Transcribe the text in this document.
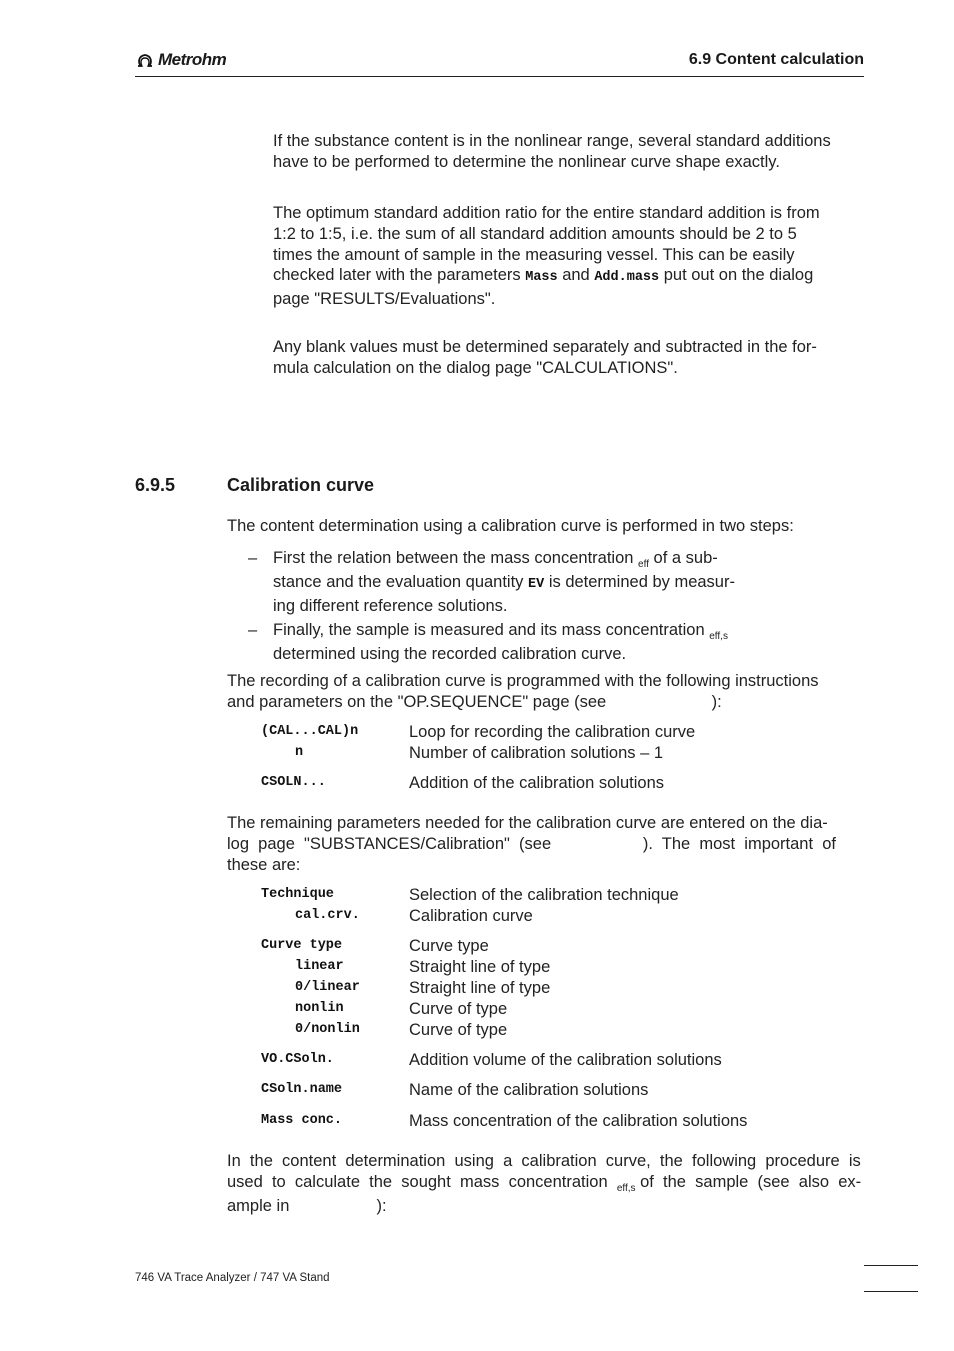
Metrohm	6.9 Content calculation
If the substance content is in the nonlinear range, several standard additions
have to be performed to determine the nonlinear curve shape exactly.
The optimum standard addition ratio for the entire standard addition is from
1:2 to 1:5, i.e. the sum of all standard addition amounts should be 2 to 5
times the amount of sample in the measuring vessel. This can be easily
checked later with the parameters Mass and Add.mass put out on the dialog
page "RESULTS/Evaluations".
Any blank values must be determined separately and subtracted in the for-
mula calculation on the dialog page "CALCULATIONS".
6.9.5	Calibration curve
The content determination using a calibration curve is performed in two steps:
– First the relation between the mass concentration $_{eff}$ of a sub-
stance and the evaluation quantity EV is determined by measur-
ing different reference solutions.
– Finally, the sample is measured and its mass concentration $_{eff,s}$
determined using the recorded calibration curve.
The recording of a calibration curve is programmed with the following instructions
and parameters on the "OP.SEQUENCE" page (see                       ):
(CAL...CAL)n	Loop for recording the calibration curve
n	Number of calibration solutions – 1
CSOLN...	Addition of the calibration solutions
The remaining parameters needed for the calibration curve are entered on the dia-
log  page  "SUBSTANCES/Calibration"  (see                    ).  The  most  important  of
these are:
Technique	Selection of the calibration technique
cal.crv.	Calibration curve
Curve type	Curve type
linear	Straight line of type
0/linear	Straight line of type
nonlin	Curve of type
0/nonlin	Curve of type
VO.CSoln.	Addition volume of the calibration solutions
CSoln.name	Name of the calibration solutions
Mass conc.	Mass concentration of the calibration solutions
In  the  content  determination  using  a  calibration  curve,  the  following  procedure  is
used  to  calculate  the  sought  mass  concentration  $_{eff,s}$ of  the  sample  (see  also  ex-
ample in                   ):
746 VA Trace Analyzer / 747 VA Stand
